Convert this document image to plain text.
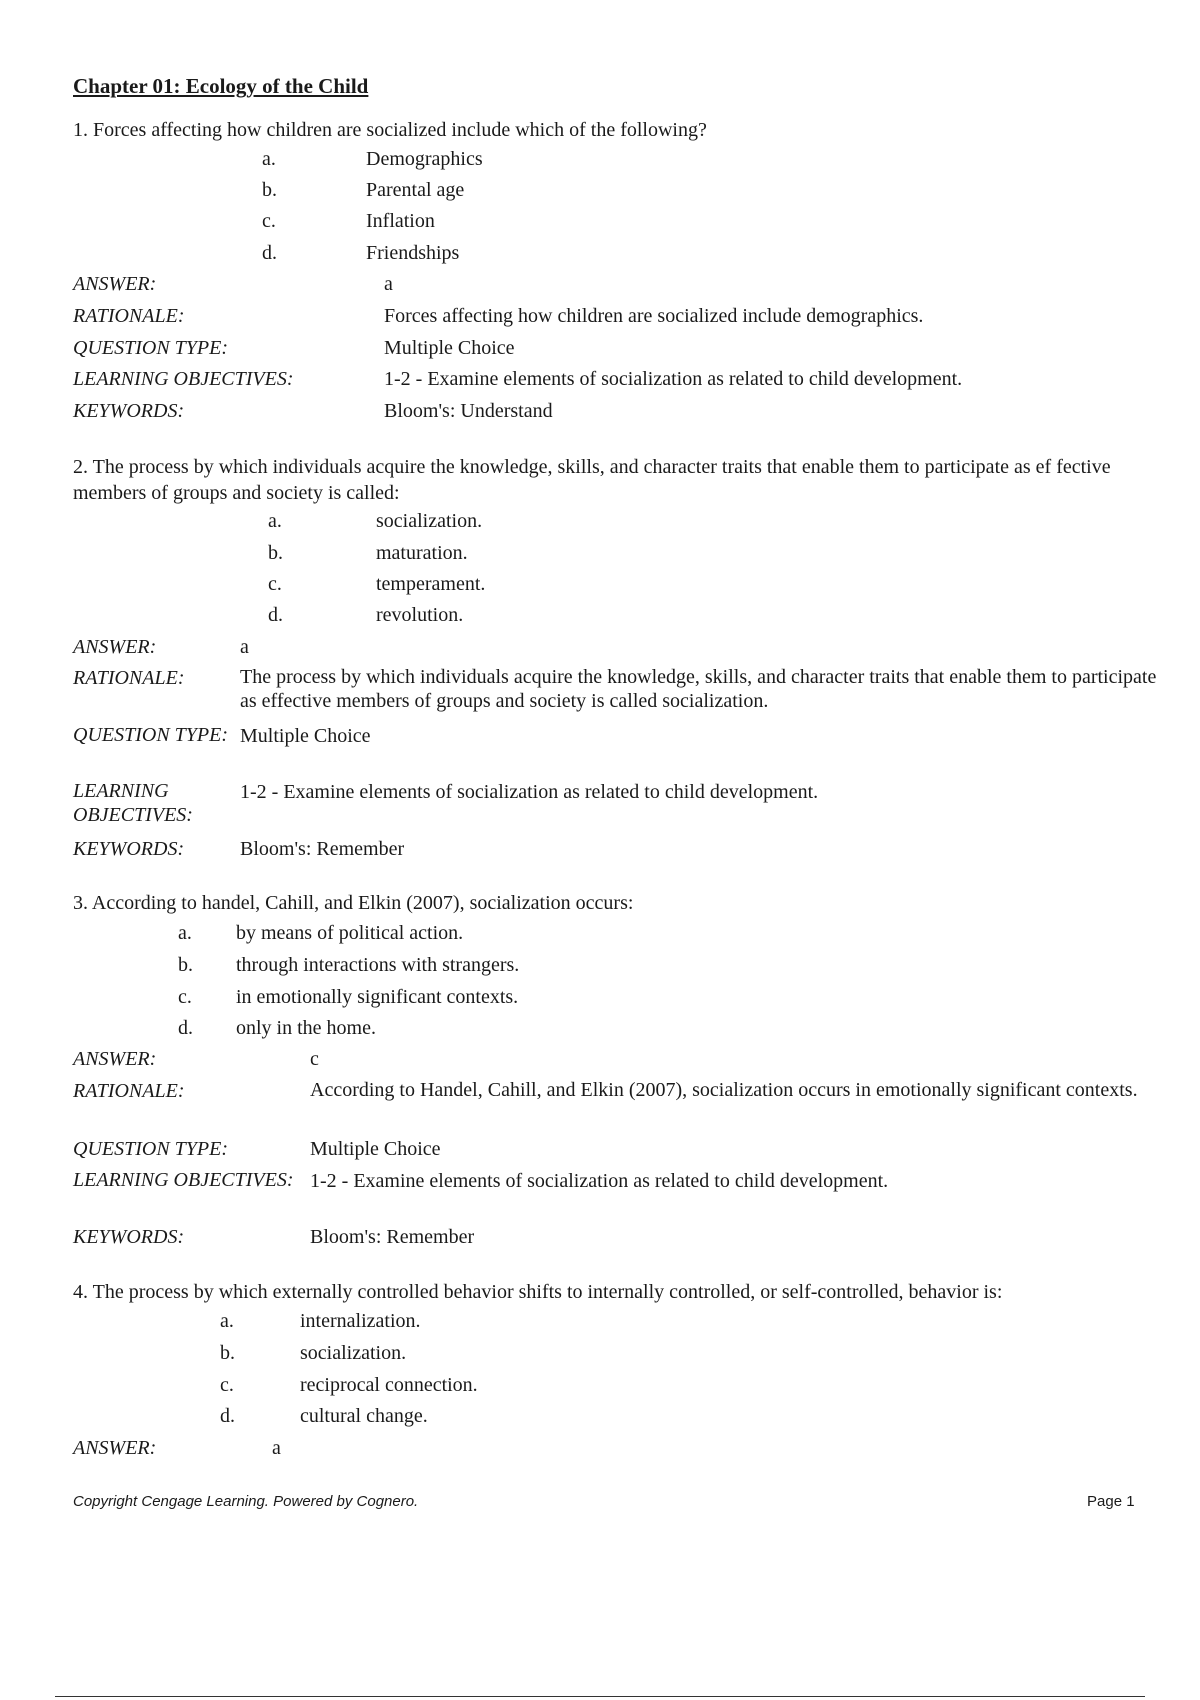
Chapter 01: Ecology of the Child
1. Forces affecting how children are socialized include which of the following?
a.	Demographics
b.	Parental age
c.	Inflation
d.	Friendships
ANSWER:	a
RATIONALE:	Forces affecting how children are socialized include demographics.
QUESTION TYPE:	Multiple Choice
LEARNING OBJECTIVES:	1-2 - Examine elements of socialization as related to child development.
KEYWORDS:	Bloom's: Understand
2. The process by which individuals acquire the knowledge, skills, and character traits that enable them to participate as ef fective members of groups and society is called:
a.	socialization.
b.	maturation.
c.	temperament.
d.	revolution.
ANSWER:	a
RATIONALE:	The process by which individuals acquire the knowledge, skills, and character traits that enable them to participate as effective members of groups and society is called socialization.
QUESTION TYPE: Multiple Choice
LEARNING OBJECTIVES:
1-2 - Examine elements of socialization as related to child development.
KEYWORDS:	Bloom's: Remember
3. According to handel, Cahill, and Elkin (2007), socialization occurs:
a. by means of political action.
b. through interactions with strangers.
c. in emotionally significant contexts.
d. only in the home.
ANSWER:	c
RATIONALE:	According to Handel, Cahill, and Elkin (2007), socialization occurs in emotionally significant contexts.
QUESTION TYPE:	Multiple Choice
LEARNING OBJECTIVES: 1-2 - Examine elements of socialization as related to child development.
KEYWORDS:	Bloom's: Remember
4. The process by which externally controlled behavior shifts to internally controlled, or self-controlled, behavior is:
a.	internalization.
b.	socialization.
c.	reciprocal connection.
d.	cultural change.
ANSWER:	a
Copyright Cengage Learning. Powered by Cognero.	Page 1
